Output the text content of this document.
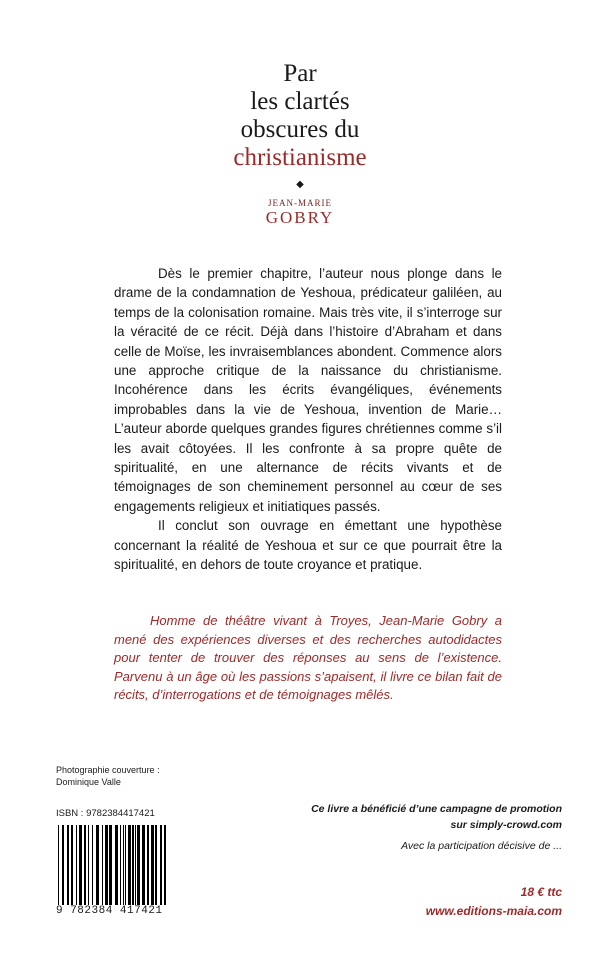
Par
les clartés
obscures du
christianisme
◆
JEAN-MARIE
GOBRY

Dès le premier chapitre, l’auteur nous plonge dans le drame de la condamnation de Yeshoua, prédicateur galiléen, au temps de la colonisation romaine. Mais très vite, il s’interroge sur la véracité de ce récit. Déjà dans l’histoire d’Abraham et dans celle de Moïse, les invraisemblances abondent. Commence alors une approche critique de la naissance du christianisme. Incohérence dans les écrits évangéliques, événements improbables dans la vie de Yeshoua, invention de Marie… L’auteur aborde quelques grandes figures chrétiennes comme s’il les avait côtoyées. Il les confronte à sa propre quête de spiritualité, en une alternance de récits vivants et de témoignages de son cheminement personnel au cœur de ses engagements religieux et initiatiques passés.

Il conclut son ouvrage en émettant une hypothèse concernant la réalité de Yeshoua et sur ce que pourrait être la spiritualité, en dehors de toute croyance et pratique.

Homme de théâtre vivant à Troyes, Jean-Marie Gobry a mené des expériences diverses et des recherches autodidactes pour tenter de trouver des réponses au sens de l’existence. Parvenu à un âge où les passions s’apaisent, il livre ce bilan fait de récits, d’interrogations et de témoignages mêlés.

Photographie couverture :
Dominique Valle
ISBN : 9782384417421
9 782384 417421
Ce livre a bénéficié d’une campagne de promotion
sur simply-crowd.com
Avec la participation décisive de ...
18 € ttc
www.editions-maia.com
